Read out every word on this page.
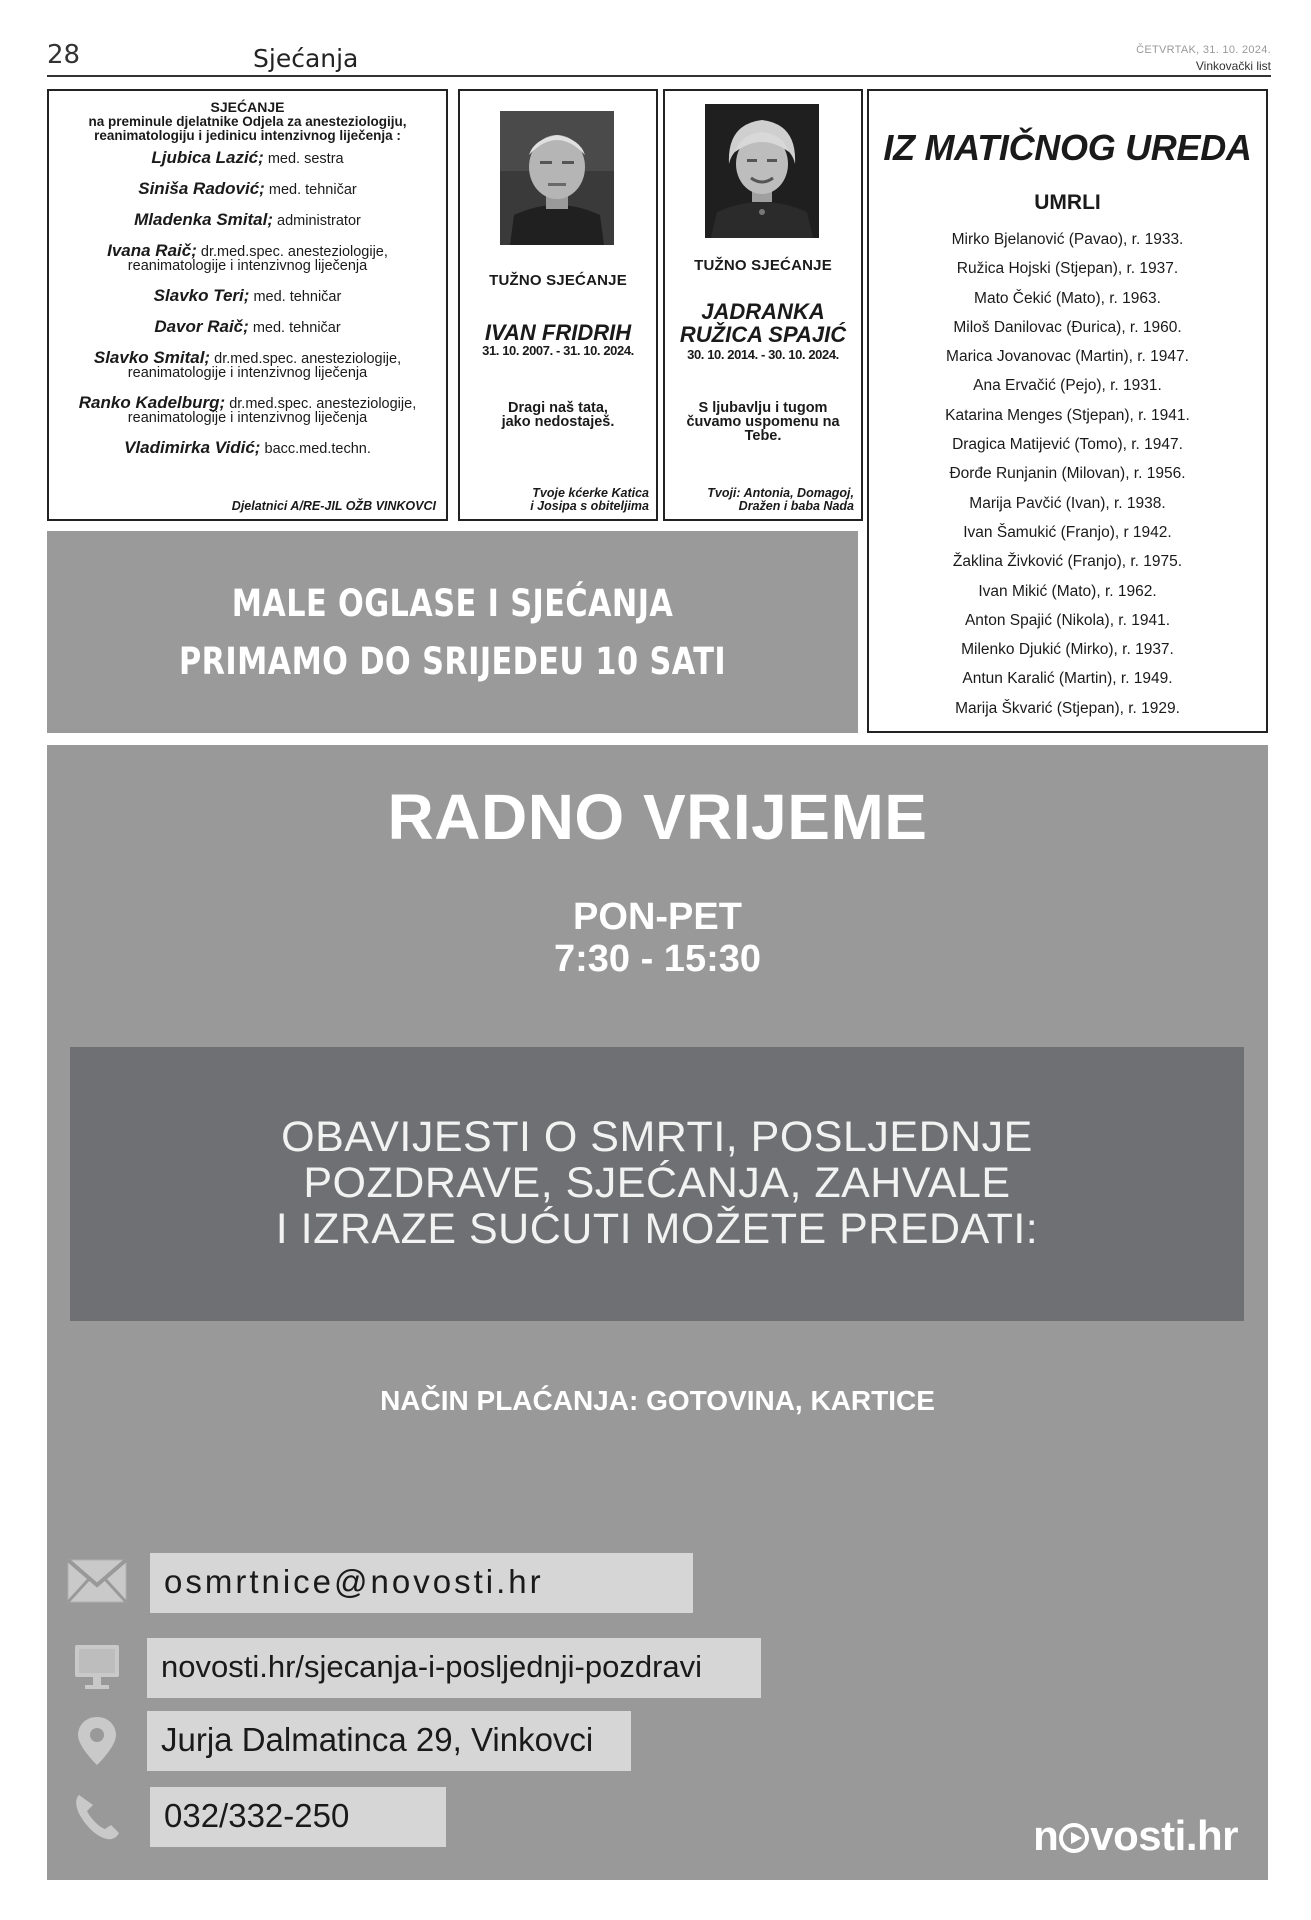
28	Sjećanja	ČETVRTAK, 31. 10. 2024.
Vinkovački list
SJEĆANJE
na preminule djelatnike Odjela za anesteziologiju, reanimatologiju i jedinicu intenzivnog liječenja :
Ljubica Lazić; med. sestra
Siniša Radović; med. tehničar
Mladenka Smital; administrator
Ivana Raič; dr.med.spec. anesteziologije,
reanimatologije i intenzivnog liječenja
Slavko Teri; med. tehničar
Davor Raič; med. tehničar
Slavko Smital; dr.med.spec. anesteziologije,
reanimatologije i intenzivnog liječenja
Ranko Kadelburg; dr.med.spec. anesteziologije,
reanimatologije i intenzivnog liječenja
Vladimirka Vidić; bacc.med.techn.
Djelatnici A/RE-JIL OŽB VINKOVCI
TUŽNO SJEĆANJE
IVAN FRIDRIH
31. 10. 2007. - 31. 10. 2024.
Dragi naš tata,
jako nedostaješ.
Tvoje kćerke Katica
i Josipa s obiteljima
TUŽNO SJEĆANJE
JADRANKA
RUŽICA SPAJIĆ
30. 10. 2014. - 30. 10. 2024.
S ljubavlju i tugom
čuvamo uspomenu na
Tebe.
Tvoji: Antonia, Domagoj,
Dražen i baba Nada
MALE OGLASE I SJEĆANJA
PRIMAMO DO SRIJEDEU 10 SATI
IZ MATIČNOG UREDA
UMRLI
Mirko Bjelanović (Pavao), r. 1933.
Ružica Hojski (Stjepan), r. 1937.
Mato Čekić (Mato), r. 1963.
Miloš Danilovac (Đurica), r. 1960.
Marica Jovanovac (Martin), r. 1947.
Ana Ervačić (Pejo), r. 1931.
Katarina Menges (Stjepan), r. 1941.
Dragica Matijević (Tomo), r. 1947.
Đorđe Runjanin (Milovan), r. 1956.
Marija Pavčić (Ivan), r. 1938.
Ivan Šamukić (Franjo), r 1942.
Žaklina Živković (Franjo), r. 1975.
Ivan Mikić (Mato), r. 1962.
Anton Spajić (Nikola), r. 1941.
Milenko Djukić (Mirko), r. 1937.
Antun Karalić (Martin), r. 1949.
Marija Škvarić (Stjepan), r. 1929.
RADNO VRIJEME
PON-PET
7:30 - 15:30
OBAVIJESTI O SMRTI, POSLJEDNJE
POZDRAVE, SJEĆANJA, ZAHVALE
I IZRAZE SUĆUTI MOŽETE PREDATI:
NAČIN PLAĆANJA: GOTOVINA, KARTICE
osmrtnice@novosti.hr
novosti.hr/sjecanja-i-posljednji-pozdravi
Jurja Dalmatinca 29, Vinkovci
032/332-250	n vosti.hr
